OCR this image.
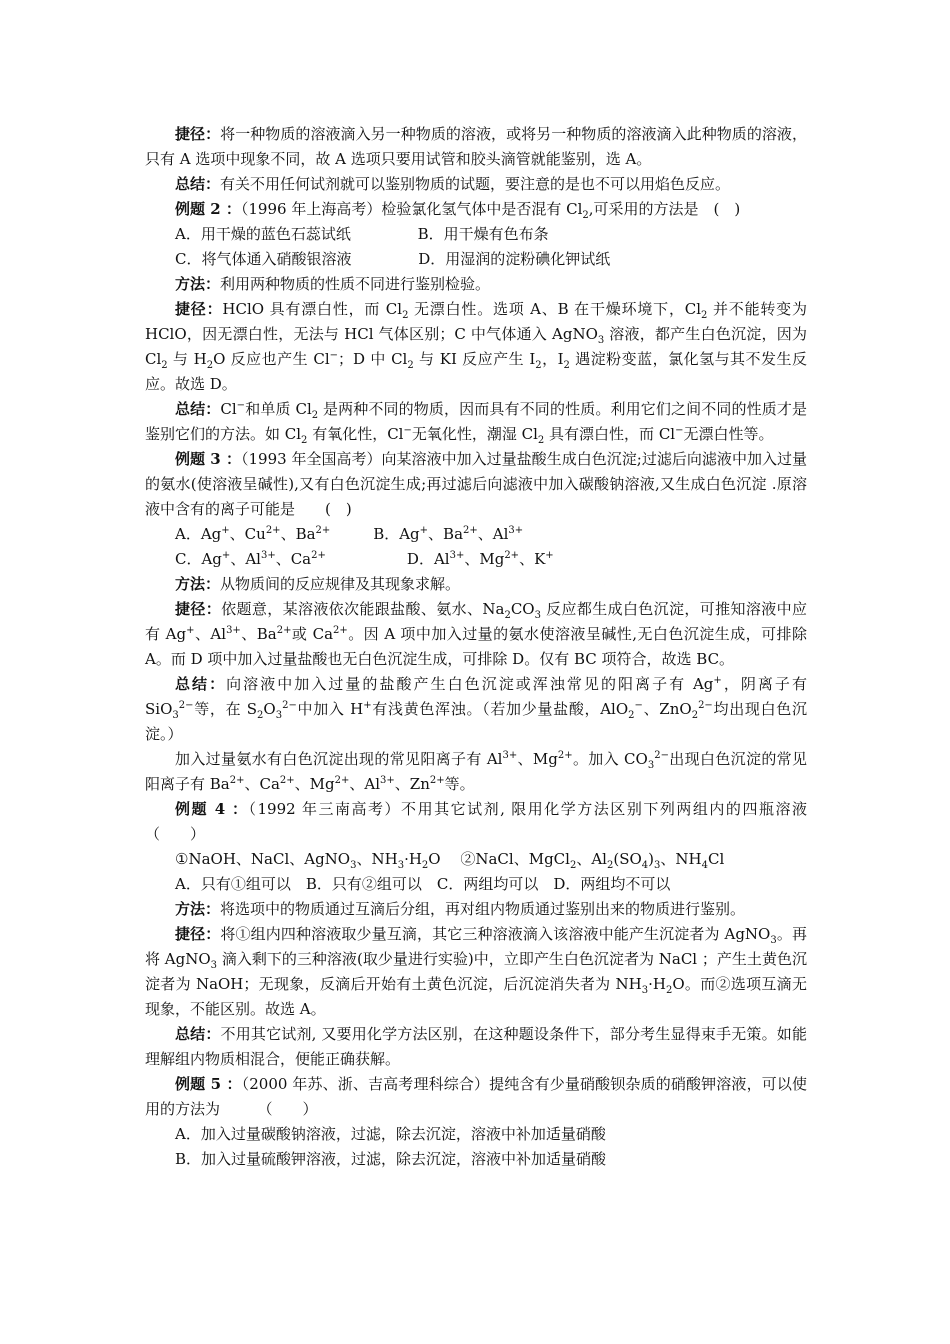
捷径：将一种物质的溶液滴入另一种物质的溶液，或将另一种物质的溶液滴入此种物质的溶液，只有 A 选项中现象不同，故 A 选项只要用试管和胶头滴管就能鉴别，选 A。

总结：有关不用任何试剂就可以鉴别物质的试题，要注意的是也不可以用焰色反应。

例题 2 ：（1996 年上海高考）检验氯化氢气体中是否混有 $Cl_2$,可采用的方法是　(　)

A．用干燥的蓝色石蕊试纸              B．用干燥有色布条

C．将气体通入硝酸银溶液              D．用湿润的淀粉碘化钾试纸

方法：利用两种物质的性质不同进行鉴别检验。

捷径：HClO 具有漂白性，而 $Cl_2$ 无漂白性。选项 A、B 在干燥环境下，$Cl_2$ 并不能转变为 HClO，因无漂白性，无法与 HCl 气体区别；C 中气体通入 AgNO$_3$ 溶液，都产生白色沉淀，因为 $Cl_2$ 与 $H_2O$ 反应也产生 Cl−；D 中 $Cl_2$ 与 KI 反应产生 $I_2$，$I_2$ 遇淀粉变蓝，氯化氢与其不发生反应。故选 D。

总结：Cl−和单质 $Cl_2$ 是两种不同的物质，因而具有不同的性质。利用它们之间不同的性质才是鉴别它们的方法。如 $Cl_2$ 有氧化性，Cl−无氧化性，潮湿 $Cl_2$ 具有漂白性，而 Cl−无漂白性等。

例题 3 ：（1993 年全国高考）向某溶液中加入过量盐酸生成白色沉淀;过滤后向滤液中加入过量的氨水(使溶液呈碱性),又有白色沉淀生成;再过滤后向滤液中加入碳酸钠溶液,又生成白色沉淀 .原溶液中含有的离子可能是　　(　)

A．Ag+、$Cu^{2+}$、$Ba^{2+}$         B．Ag+、$Ba^{2+}$、$Al^{3+}$

C．Ag+、$Al^{3+}$、$Ca^{2+}$                 D．$Al^{3+}$、$Mg^{2+}$、K+

方法：从物质间的反应规律及其现象求解。

捷径：依题意，某溶液依次能跟盐酸、氨水、$Na_2CO_3$ 反应都生成白色沉淀，可推知溶液中应有 Ag+、$Al^{3+}$、$Ba^{2+}$或 $Ca^{2+}$。因 A 项中加入过量的氨水使溶液呈碱性,无白色沉淀生成，可排除 A。而 D 项中加入过量盐酸也无白色沉淀生成，可排除 D。仅有 BC 项符合，故选 BC。

总结：向溶液中加入过量的盐酸产生白色沉淀或浑浊常见的阳离子有 Ag+，阴离子有 SiO$_3^{2-}$等，在 $S_2O_3^{2-}$中加入 H+有浅黄色浑浊。（若加少量盐酸，AlO$_2$−、ZnO$_2^{2-}$均出现白色沉淀。）

加入过量氨水有白色沉淀出现的常见阳离子有 $Al^{3+}$、$Mg^{2+}$。加入 $CO_3^{2-}$出现白色沉淀的常见阳离子有 $Ba^{2+}$、$Ca^{2+}$、$Mg^{2+}$、$Al^{3+}$、$Zn^{2+}$等。

例题 4 ：（1992 年三南高考）不用其它试剂, 限用化学方法区别下列两组内的四瓶溶液　（　　）

①NaOH、NaCl、AgNO$_3$、$NH_3\cdot H_2O$　 ②NaCl、MgCl$_2$、$Al_2(SO_4)_3$、$NH_4Cl$

A．只有①组可以　B．只有②组可以　C．两组均可以　D．两组均不可以

方法：将选项中的物质通过互滴后分组，再对组内物质通过鉴别出来的物质进行鉴别。

捷径：将①组内四种溶液取少量互滴，其它三种溶液滴入该溶液中能产生沉淀者为 AgNO$_3$。再将 AgNO$_3$ 滴入剩下的三种溶液(取少量进行实验)中，立即产生白色沉淀者为 NaCl ；产生土黄色沉淀者为 NaOH；无现象，反滴后开始有土黄色沉淀，后沉淀消失者为 $NH_3\cdot H_2O$。而②选项互滴无现象，不能区别。故选 A。

总结：不用其它试剂, 又要用化学方法区别，在这种题设条件下，部分考生显得束手无策。如能理解组内物质相混合，便能正确获解。

例题 5 ：（2000 年苏、浙、吉高考理科综合）提纯含有少量硝酸钡杂质的硝酸钾溶液，可以使用的方法为　　　（　　）

A．加入过量碳酸钠溶液，过滤，除去沉淀，溶液中补加适量硝酸

B．加入过量硫酸钾溶液，过滤，除去沉淀，溶液中补加适量硝酸
